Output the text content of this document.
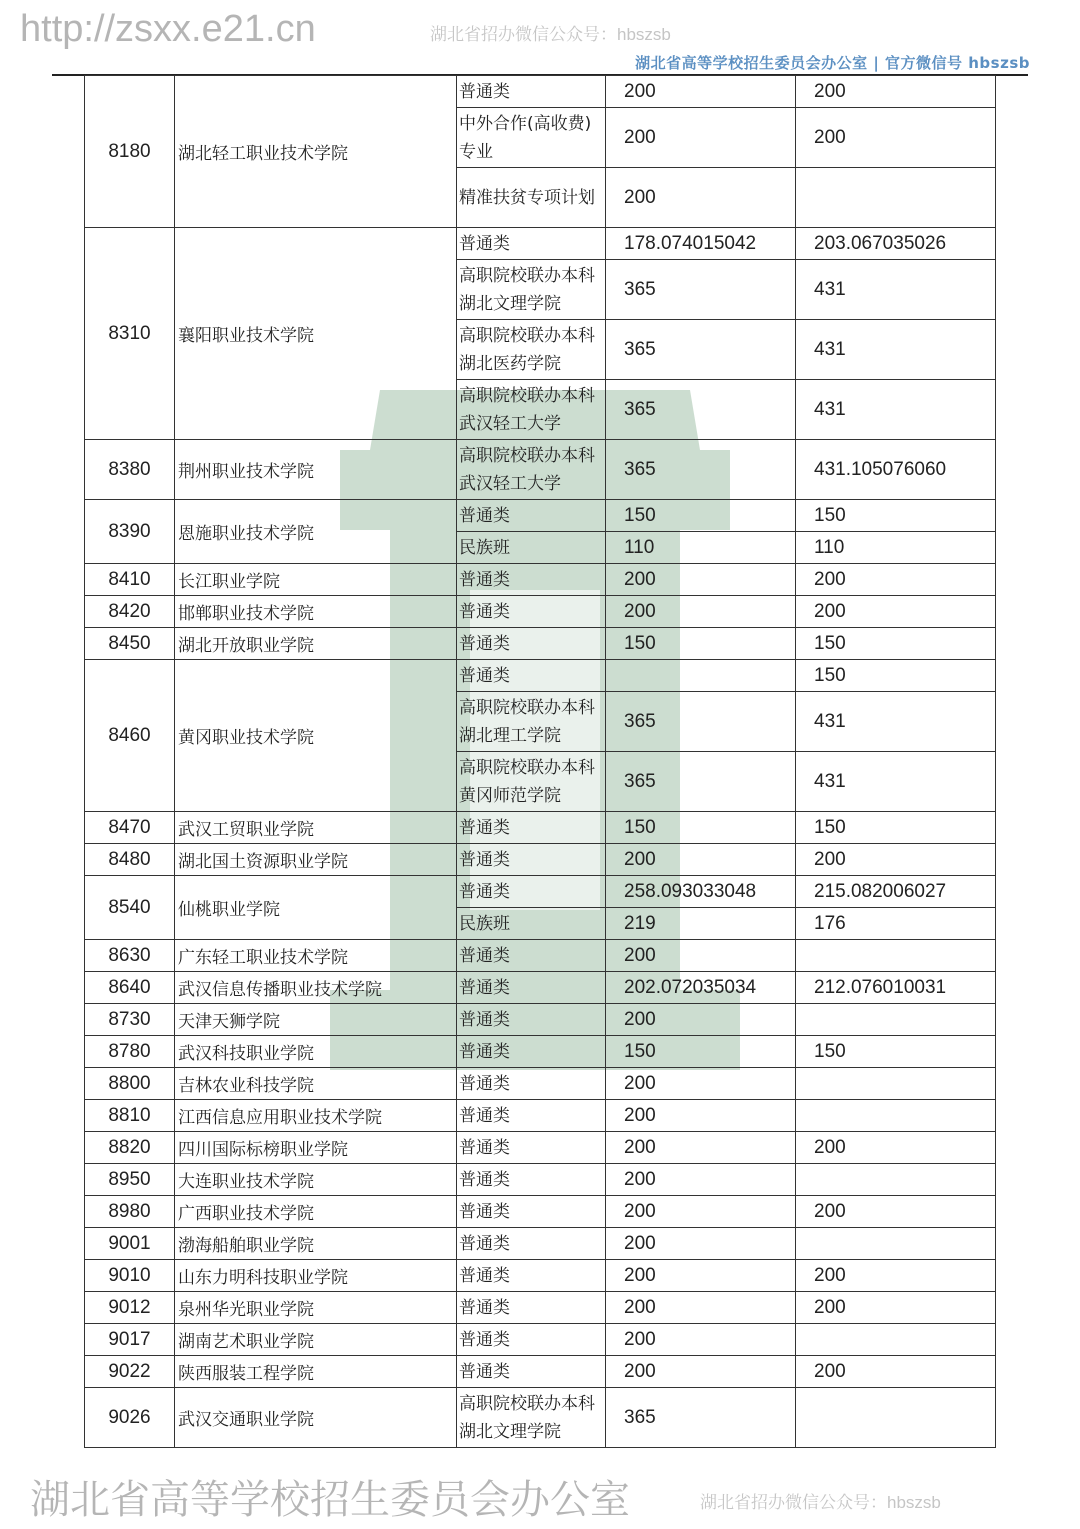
湖北省高等学校招生委员会办公室 | 官方微信号 hbszsb
8180	湖北轻工职业技术学院	普通类	200	200
		中外合作(高收费)专业	200	200
		精准扶贫专项计划	200	
8310	襄阳职业技术学院	普通类	178.074015042	203.067035026
		高职院校联办本科湖北文理学院	365	431
		高职院校联办本科湖北医药学院	365	431
		高职院校联办本科武汉轻工大学	365	431
8380	荆州职业技术学院	高职院校联办本科武汉轻工大学	365	431.105076060
8390	恩施职业技术学院	普通类	150	150
		民族班	110	110
8410	长江职业学院	普通类	200	200
8420	邯郸职业技术学院	普通类	200	200
8450	湖北开放职业学院	普通类	150	150
8460	黄冈职业技术学院	普通类		150
		高职院校联办本科湖北理工学院	365	431
		高职院校联办本科黄冈师范学院	365	431
8470	武汉工贸职业学院	普通类	150	150
8480	湖北国土资源职业学院	普通类	200	200
8540	仙桃职业学院	普通类	258.093033048	215.082006027
		民族班	219	176
8630	广东轻工职业技术学院	普通类	200	
8640	武汉信息传播职业技术学院	普通类	202.072035034	212.076010031
8730	天津天狮学院	普通类	200	
8780	武汉科技职业学院	普通类	150	150
8800	吉林农业科技学院	普通类	200	
8810	江西信息应用职业技术学院	普通类	200	
8820	四川国际标榜职业学院	普通类	200	200
8950	大连职业技术学院	普通类	200	
8980	广西职业技术学院	普通类	200	200
9001	渤海船舶职业学院	普通类	200	
9010	山东力明科技职业学院	普通类	200	200
9012	泉州华光职业学院	普通类	200	200
9017	湖南艺术职业学院	普通类	200	
9022	陕西服装工程学院	普通类	200	200
9026	武汉交通职业学院	高职院校联办本科湖北文理学院	365	
湖北省高等学校招生委员会办公室
http://zsxx.e21.cn	湖北省招办微信公众号：hbszsb
湖北省招办微信公众号：hbszsb
